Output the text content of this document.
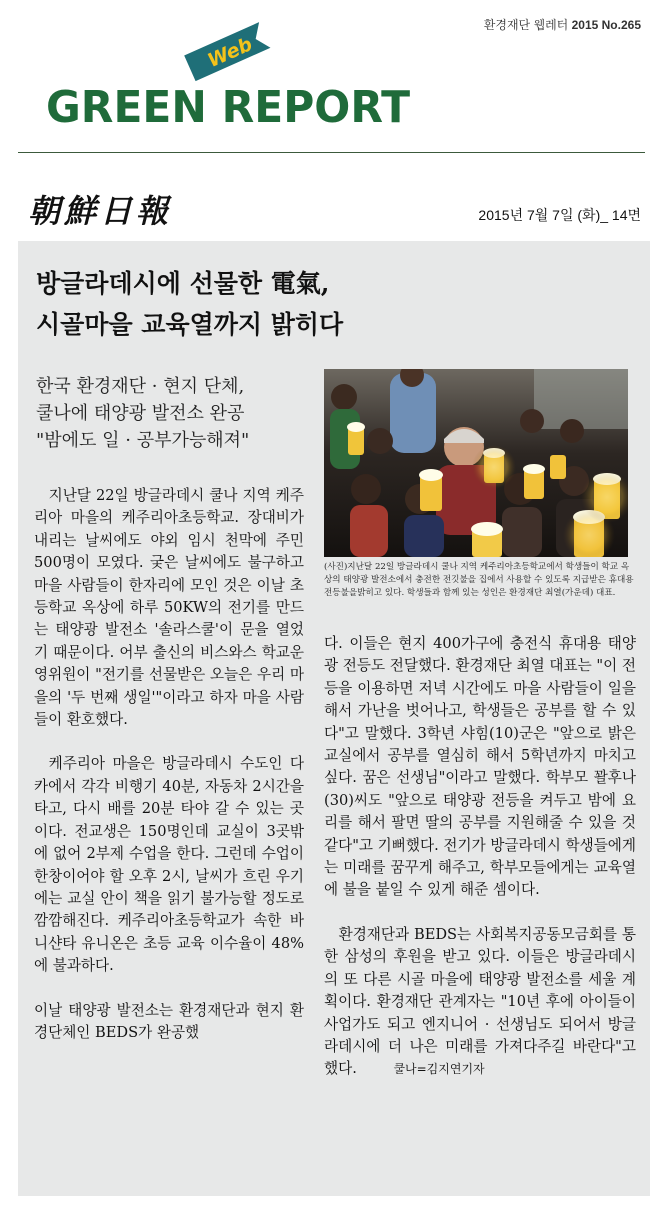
환경재단 웹레터 2015 No.265
Web
GREEN REPORT
朝鮮日報	2015년 7월 7일 (화)_ 14면
방글라데시에 선물한 電氣,
시골마을 교육열까지 밝히다
한국 환경재단 · 현지 단체,
쿨나에 태양광 발전소 완공
"밤에도 일 · 공부가능해져"
(사진)지난달 22일 방글라데시 쿨나 지역 케주리아초등학교에서 학생들이 학교 옥상의 태양광 발전소에서 충전한 전깃불을 집에서 사용할 수 있도록 지급받은 휴대용 전등불을밝히고 있다. 학생들과 함께 있는 성인은 환경재단 최열(가운데) 대표.

지난달 22일 방글라데시 쿨나 지역 케주리아 마을의 케주리아초등학교. 장대비가 내리는 날씨에도 야외 임시 천막에 주민 500명이 모였다. 궂은 날씨에도 불구하고 마을 사람들이 한자리에 모인 것은 이날 초등학교 옥상에 하루 50KW의 전기를 만드는 태양광 발전소 '솔라스쿨'이 문을 열었기 때문이다. 어부 출신의 비스와스 학교운영위원이 "전기를 선물받은 오늘은 우리 마을의 '두 번째 생일'"이라고 하자 마을 사람들이 환호했다.

케주리아 마을은 방글라데시 수도인 다카에서 각각 비행기 40분, 자동차 2시간을 타고, 다시 배를 20분 타야 갈 수 있는 곳이다. 전교생은 150명인데 교실이 3곳밖에 없어 2부제 수업을 한다. 그런데 수업이 한창이어야 할 오후 2시, 날씨가 흐린 우기에는 교실 안이 책을 읽기 불가능할 정도로 깜깜해진다. 케주리아초등학교가 속한 바니샨타 유니온은 초등 교육 이수율이 48%에 불과하다.

이날 태양광 발전소는 환경재단과 현지 환경단체인 BEDS가 완공했

다. 이들은 현지 400가구에 충전식 휴대용 태양광 전등도 전달했다. 환경재단 최열 대표는 "이 전등을 이용하면 저녁 시간에도 마을 사람들이 일을 해서 가난을 벗어나고, 학생들은 공부를 할 수 있다"고 말했다. 3학년 샤힘(10)군은 "앞으로 밝은 교실에서 공부를 열심히 해서 5학년까지 마치고 싶다. 꿈은 선생님"이라고 말했다. 학부모 꽐후나(30)씨도 "앞으로 태양광 전등을 켜두고 밤에 요리를 해서 팔면 딸의 공부를 지원해줄 수 있을 것 같다"고 기뻐했다. 전기가 방글라데시 학생들에게는 미래를 꿈꾸게 해주고, 학부모들에게는 교육열에 불을 붙일 수 있게 해준 셈이다.

환경재단과 BEDS는 사회복지공동모금회를 통한 삼성의 후원을 받고 있다. 이들은 방글라데시의 또 다른 시골 마을에 태양광 발전소를 세울 계획이다. 환경재단 관계자는 "10년 후에 아이들이 사업가도 되고 엔지니어 · 선생님도 되어서 방글라데시에 더 나은 미래를 가져다주길 바란다"고 했다.	쿨나=김지연기자
